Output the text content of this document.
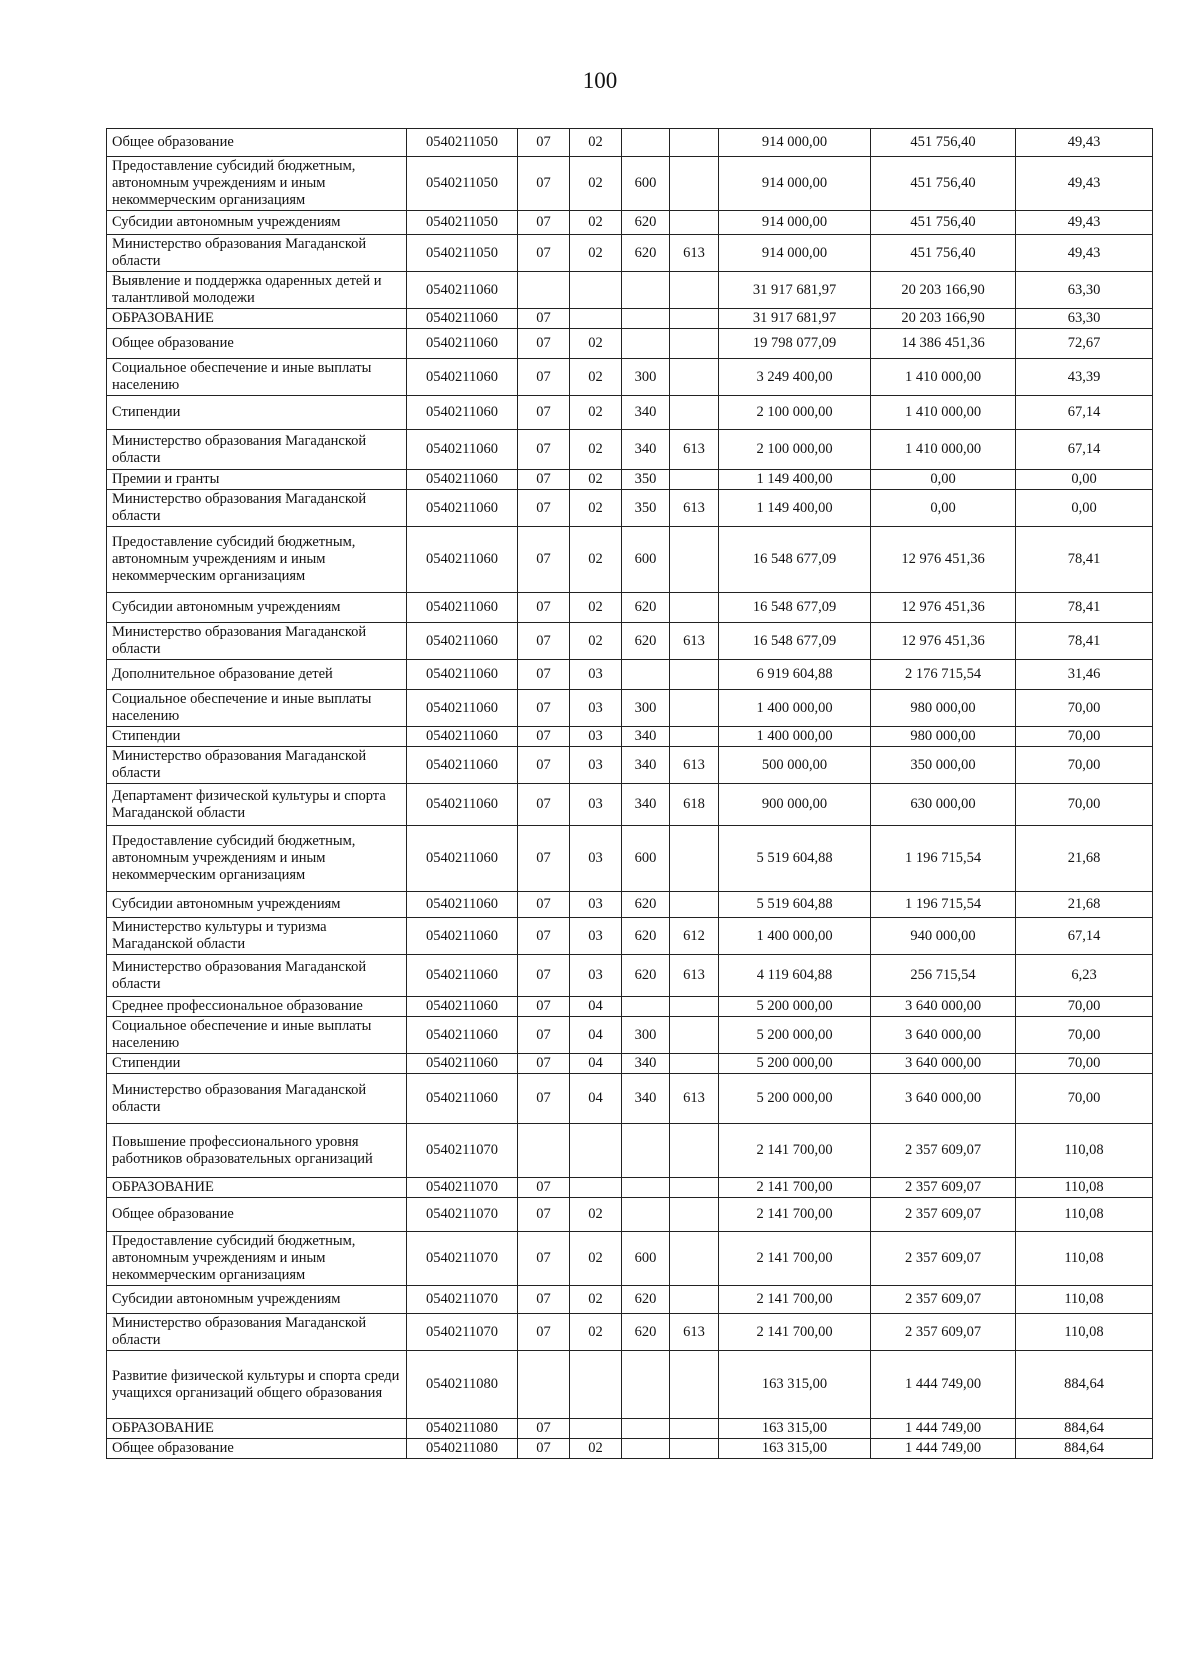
100
Общее образование	0540211050	07	02			914 000,00	451 756,40	49,43
Предоставление субсидий бюджетным, автономным учреждениям и иным некоммерческим организациям	0540211050	07	02	600		914 000,00	451 756,40	49,43
Субсидии автономным учреждениям	0540211050	07	02	620		914 000,00	451 756,40	49,43
Министерство образования Магаданской области	0540211050	07	02	620	613	914 000,00	451 756,40	49,43
Выявление и поддержка одаренных детей и талантливой молодежи	0540211060					31 917 681,97	20 203 166,90	63,30
ОБРАЗОВАНИЕ	0540211060	07				31 917 681,97	20 203 166,90	63,30
Общее образование	0540211060	07	02			19 798 077,09	14 386 451,36	72,67
Социальное обеспечение и иные выплаты населению	0540211060	07	02	300		3 249 400,00	1 410 000,00	43,39
Стипендии	0540211060	07	02	340		2 100 000,00	1 410 000,00	67,14
Министерство образования Магаданской области	0540211060	07	02	340	613	2 100 000,00	1 410 000,00	67,14
Премии и гранты	0540211060	07	02	350		1 149 400,00	0,00	0,00
Министерство образования Магаданской области	0540211060	07	02	350	613	1 149 400,00	0,00	0,00
Предоставление субсидий бюджетным, автономным учреждениям и иным некоммерческим организациям	0540211060	07	02	600		16 548 677,09	12 976 451,36	78,41
Субсидии автономным учреждениям	0540211060	07	02	620		16 548 677,09	12 976 451,36	78,41
Министерство образования Магаданской области	0540211060	07	02	620	613	16 548 677,09	12 976 451,36	78,41
Дополнительное образование детей	0540211060	07	03			6 919 604,88	2 176 715,54	31,46
Социальное обеспечение и иные выплаты населению	0540211060	07	03	300		1 400 000,00	980 000,00	70,00
Стипендии	0540211060	07	03	340		1 400 000,00	980 000,00	70,00
Министерство образования Магаданской области	0540211060	07	03	340	613	500 000,00	350 000,00	70,00
Департамент физической культуры и спорта Магаданской области	0540211060	07	03	340	618	900 000,00	630 000,00	70,00
Предоставление субсидий бюджетным, автономным учреждениям и иным некоммерческим организациям	0540211060	07	03	600		5 519 604,88	1 196 715,54	21,68
Субсидии автономным учреждениям	0540211060	07	03	620		5 519 604,88	1 196 715,54	21,68
Министерство культуры и туризма Магаданской области	0540211060	07	03	620	612	1 400 000,00	940 000,00	67,14
Министерство образования Магаданской области	0540211060	07	03	620	613	4 119 604,88	256 715,54	6,23
Среднее профессиональное образование	0540211060	07	04			5 200 000,00	3 640 000,00	70,00
Социальное обеспечение и иные выплаты населению	0540211060	07	04	300		5 200 000,00	3 640 000,00	70,00
Стипендии	0540211060	07	04	340		5 200 000,00	3 640 000,00	70,00
Министерство образования Магаданской области	0540211060	07	04	340	613	5 200 000,00	3 640 000,00	70,00
Повышение профессионального уровня работников образовательных организаций	0540211070					2 141 700,00	2 357 609,07	110,08
ОБРАЗОВАНИЕ	0540211070	07				2 141 700,00	2 357 609,07	110,08
Общее образование	0540211070	07	02			2 141 700,00	2 357 609,07	110,08
Предоставление субсидий бюджетным, автономным учреждениям и иным некоммерческим организациям	0540211070	07	02	600		2 141 700,00	2 357 609,07	110,08
Субсидии автономным учреждениям	0540211070	07	02	620		2 141 700,00	2 357 609,07	110,08
Министерство образования Магаданской области	0540211070	07	02	620	613	2 141 700,00	2 357 609,07	110,08
Развитие физической культуры и спорта среди учащихся организаций общего образования	0540211080					163 315,00	1 444 749,00	884,64
ОБРАЗОВАНИЕ	0540211080	07				163 315,00	1 444 749,00	884,64
Общее образование	0540211080	07	02			163 315,00	1 444 749,00	884,64
